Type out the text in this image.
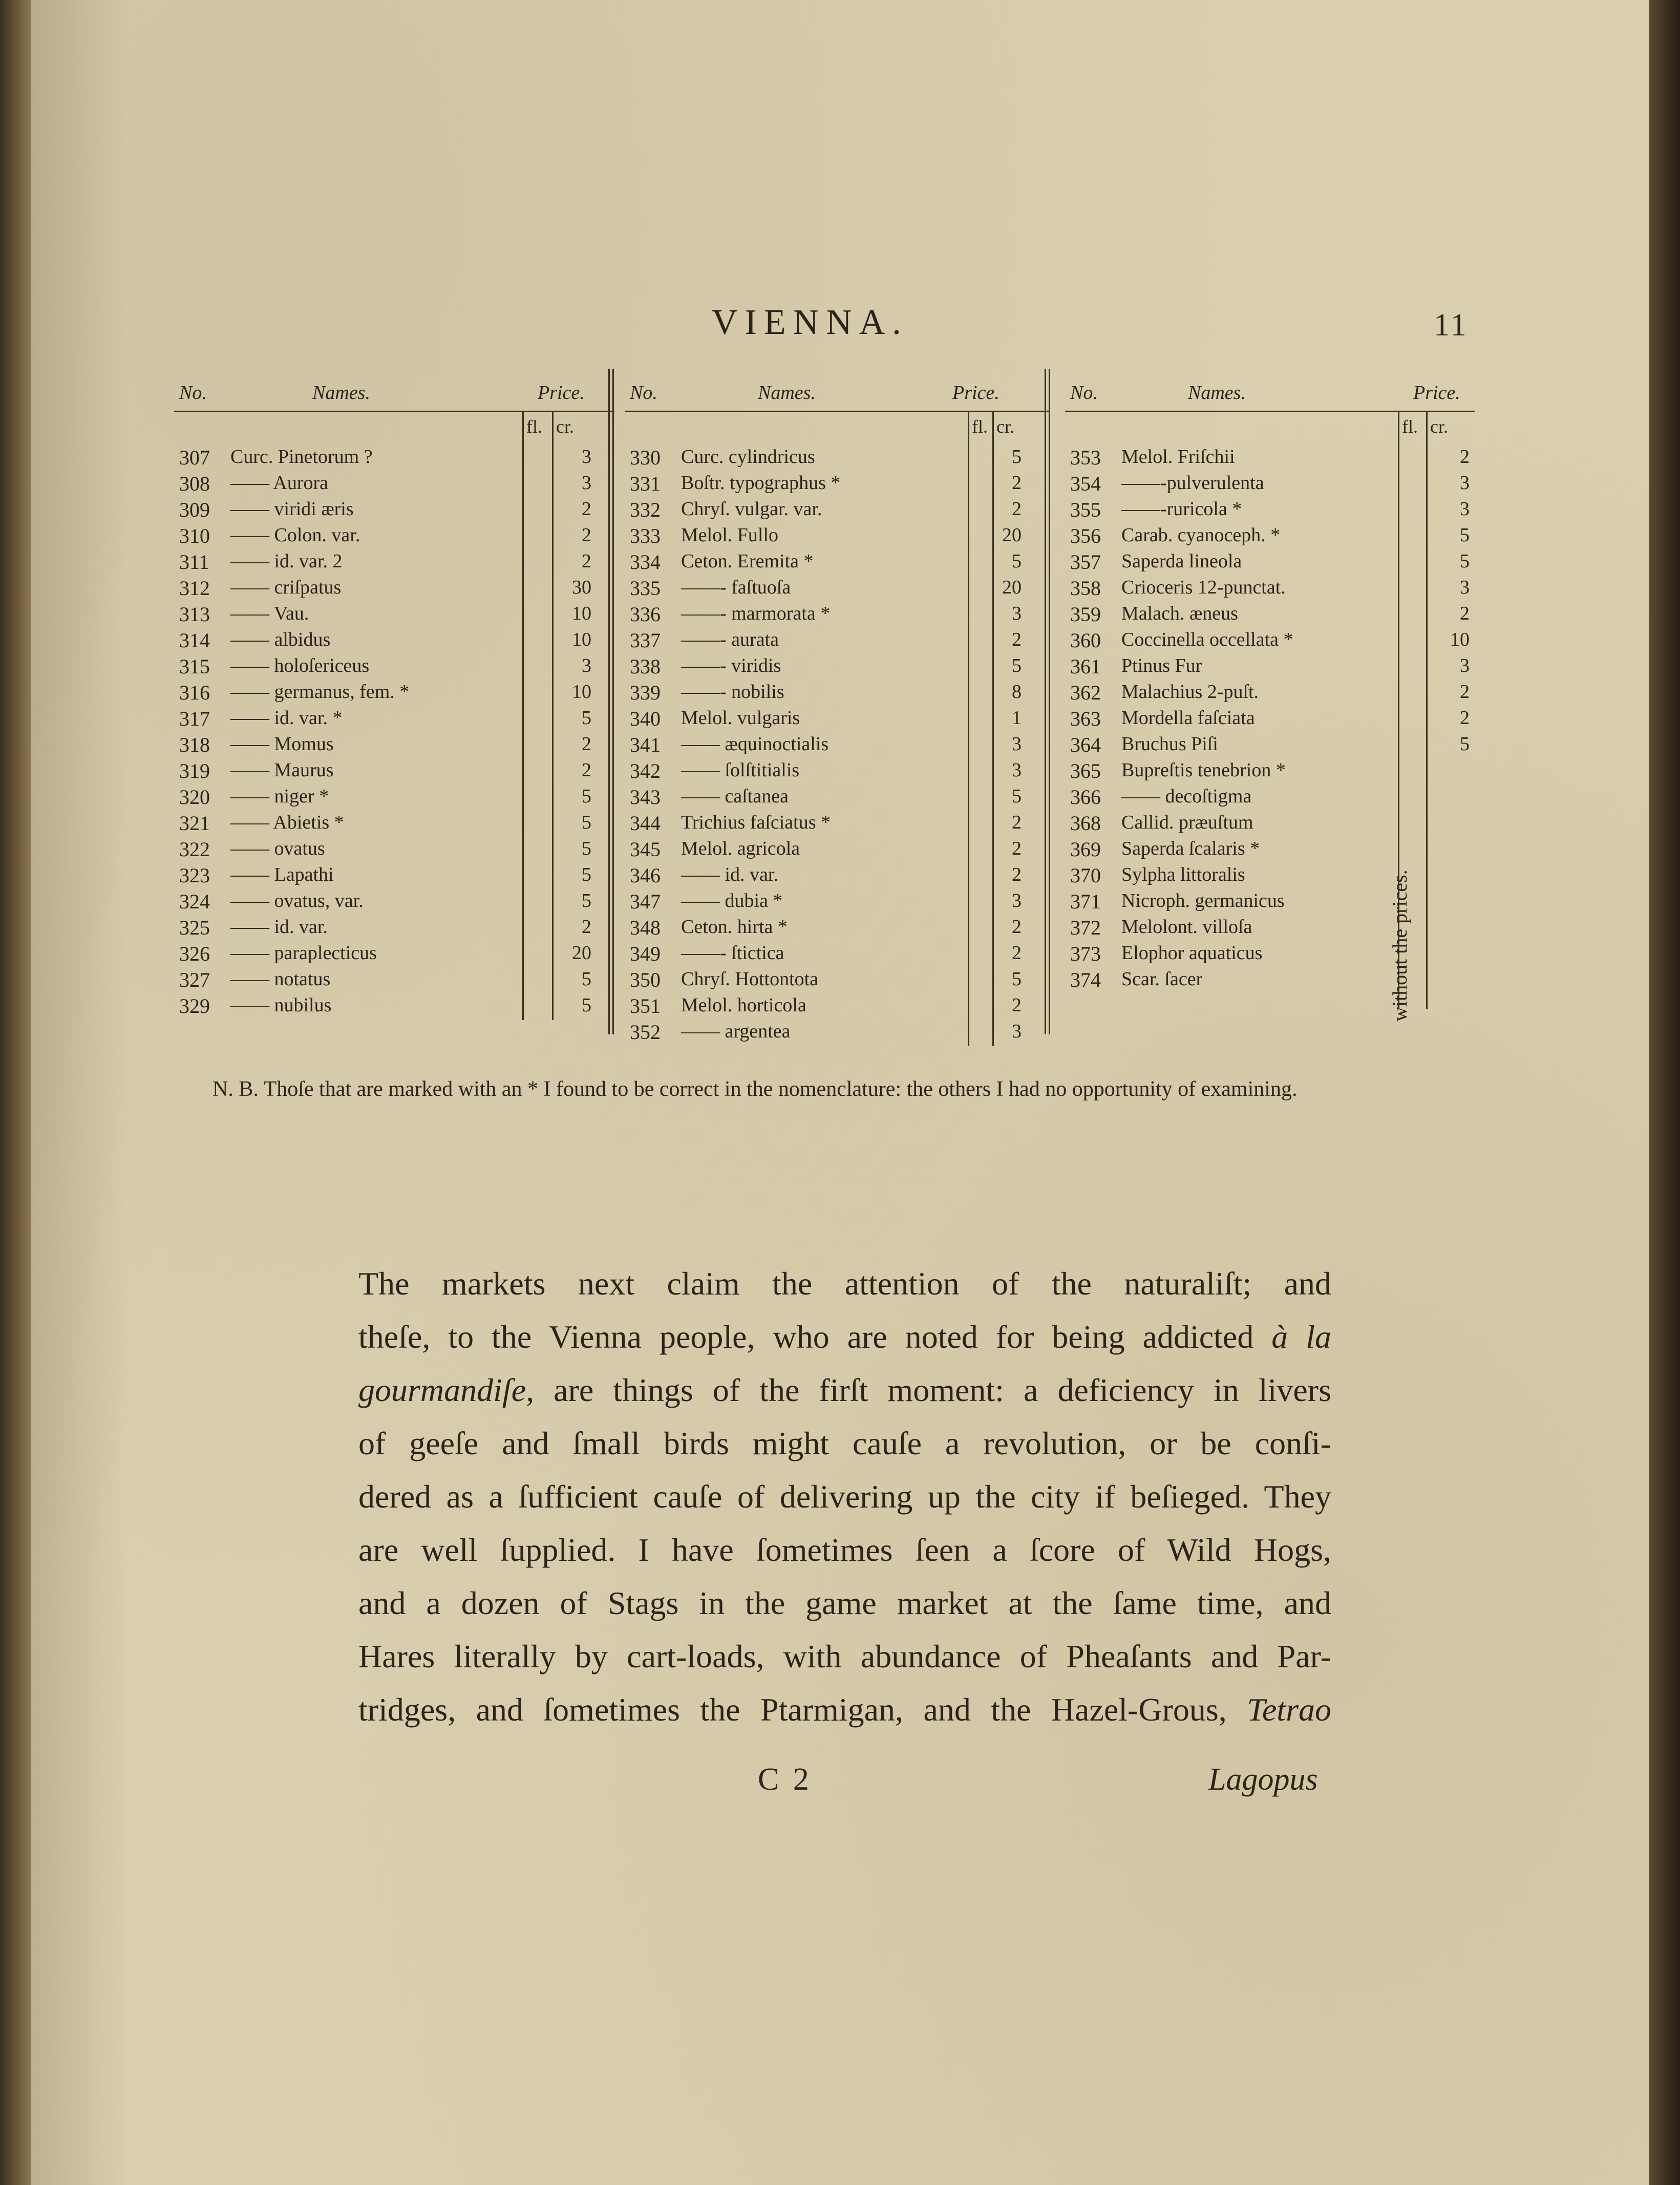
VIENNA.	11
No.	Names.	Price.
fl. cr.
307 Curc. Pinetorum ?	3
308 —— Aurora	3
309 —— viridi æris	2
310 —— Colon. var.	2
311 —— id. var. 2	2
312 —— criſpatus	30
313 —— Vau.	10
314 —— albidus	10
315 —— holoſericeus	3
316 —— germanus, fem. *	10
317 —— id. var. *	5
318 —— Momus	2
319 —— Maurus	2
320 —— niger *	5
321 —— Abietis *	5
322 —— ovatus	5
323 —— Lapathi	5
324 —— ovatus, var.	5
325 —— id. var.	2
326 —— paraplecticus	20
327 —— notatus	5
329 —— nubilus	5
No.	Names.	Price.
fl. cr.
330 Curc. cylindricus	5
331 Boſtr. typographus *	2
332 Chryſ. vulgar. var.	2
333 Melol. Fullo	20
334 Ceton. Eremita *	5
335 ——- faſtuoſa	20
336 ——- marmorata *	3
337 ——- aurata	2
338 ——- viridis	5
339 ——- nobilis	8
340 Melol. vulgaris	1
341 —— æquinoctialis	3
342 —— ſolſtitialis	3
343 —— caſtanea	5
344 Trichius faſciatus *	2
345 Melol. agricola	2
346 —— id. var.	2
347 —— dubia *	3
348 Ceton. hirta *	2
349 ——- ſtictica	2
350 Chryſ. Hottontota	5
351 Melol. horticola	2
352 —— argentea	3
No.	Names.	Price.
fl. cr.
353 Melol. Friſchii	2
354 ——-pulverulenta	3
355 ——-ruricola *	3
356 Carab. cyanoceph. *	5
357 Saperda lineola	5
358 Crioceris 12-punctat.	3
359 Malach. æneus	2
360 Coccinella occellata *	10
361 Ptinus Fur	3
362 Malachius 2-puſt.	2
363 Mordella faſciata	2
364 Bruchus Piſi	5
365 Bupreſtis tenebrion *
366 —— decoſtigma
368 Callid. præuſtum
369 Saperda ſcalaris *
370 Sylpha littoralis
371 Nicroph. germanicus
372 Melolont. villoſa
373 Elophor aquaticus
374 Scar. ſacer	without the prices.
N. B. Thoſe that are marked with an * I found to be correct in the nomenclature: the others I had no opportunity of examining.
The markets next claim the attention of the naturaliſt; and
theſe, to the Vienna people, who are noted for being addicted à la
gourmandiſe, are things of the firſt moment: a deficiency in livers
of geeſe and ſmall birds might cauſe a revolution, or be conſi-
dered as a ſufficient cauſe of delivering up the city if beſieged. They
are well ſupplied. I have ſometimes ſeen a ſcore of Wild Hogs,
and a dozen of Stags in the game market at the ſame time, and
Hares literally by cart-loads, with abundance of Pheaſants and Par-
tridges, and ſometimes the Ptarmigan, and the Hazel-Grous, Tetrao
C 2	Lagopus
